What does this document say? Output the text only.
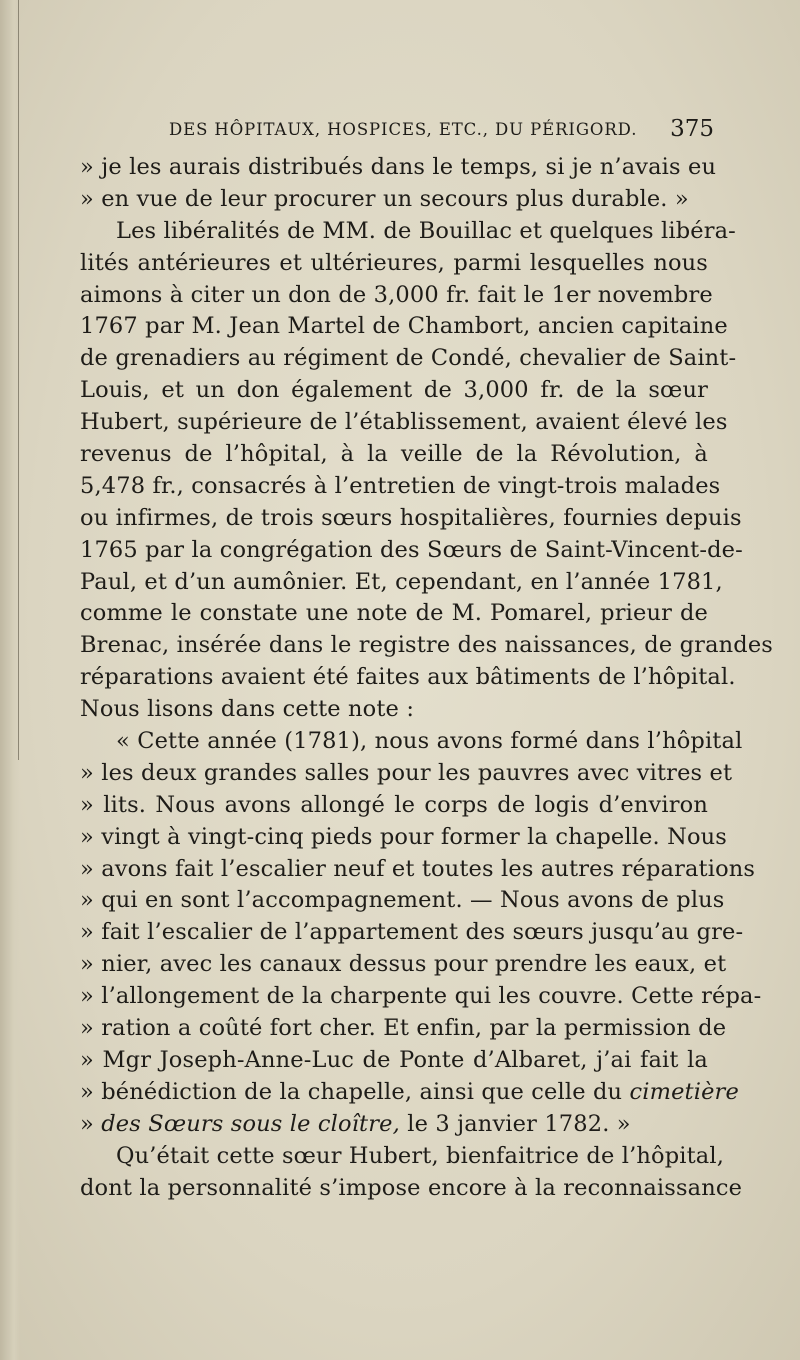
DES HÔPITAUX, HOSPICES, ETC., DU PÉRIGORD. 375
» je les aurais distribués dans le temps, si je n’avais eu
» en vue de leur procurer un secours plus durable. »
Les libéralités de MM. de Bouillac et quelques libéra-
lités antérieures et ultérieures, parmi lesquelles nous
aimons à citer un don de 3,000 fr. fait le 1er novembre
1767 par M. Jean Martel de Chambort, ancien capitaine
de grenadiers au régiment de Condé, chevalier de Saint-
Louis, et un don également de 3,000 fr. de la sœur
Hubert, supérieure de l’établissement, avaient élevé les
revenus de l’hôpital, à la veille de la Révolution, à
5,478 fr., consacrés à l’entretien de vingt-trois malades
ou infirmes, de trois sœurs hospitalières, fournies depuis
1765 par la congrégation des Sœurs de Saint-Vincent-de-
Paul, et d’un aumônier. Et, cependant, en l’année 1781,
comme le constate une note de M. Pomarel, prieur de
Brenac, insérée dans le registre des naissances, de grandes
réparations avaient été faites aux bâtiments de l’hôpital.
Nous lisons dans cette note :
« Cette année (1781), nous avons formé dans l’hôpital
» les deux grandes salles pour les pauvres avec vitres et
» lits. Nous avons allongé le corps de logis d’environ
» vingt à vingt-cinq pieds pour former la chapelle. Nous
» avons fait l’escalier neuf et toutes les autres réparations
» qui en sont l’accompagnement. — Nous avons de plus
» fait l’escalier de l’appartement des sœurs jusqu’au gre-
» nier, avec les canaux dessus pour prendre les eaux, et
» l’allongement de la charpente qui les couvre. Cette répa-
» ration a coûté fort cher. Et enfin, par la permission de
» Mgr Joseph-Anne-Luc de Ponte d’Albaret, j’ai fait la
» bénédiction de la chapelle, ainsi que celle du cimetière
» des Sœurs sous le cloître, le 3 janvier 1782. »
Qu’était cette sœur Hubert, bienfaitrice de l’hôpital,
dont la personnalité s’impose encore à la reconnaissance
